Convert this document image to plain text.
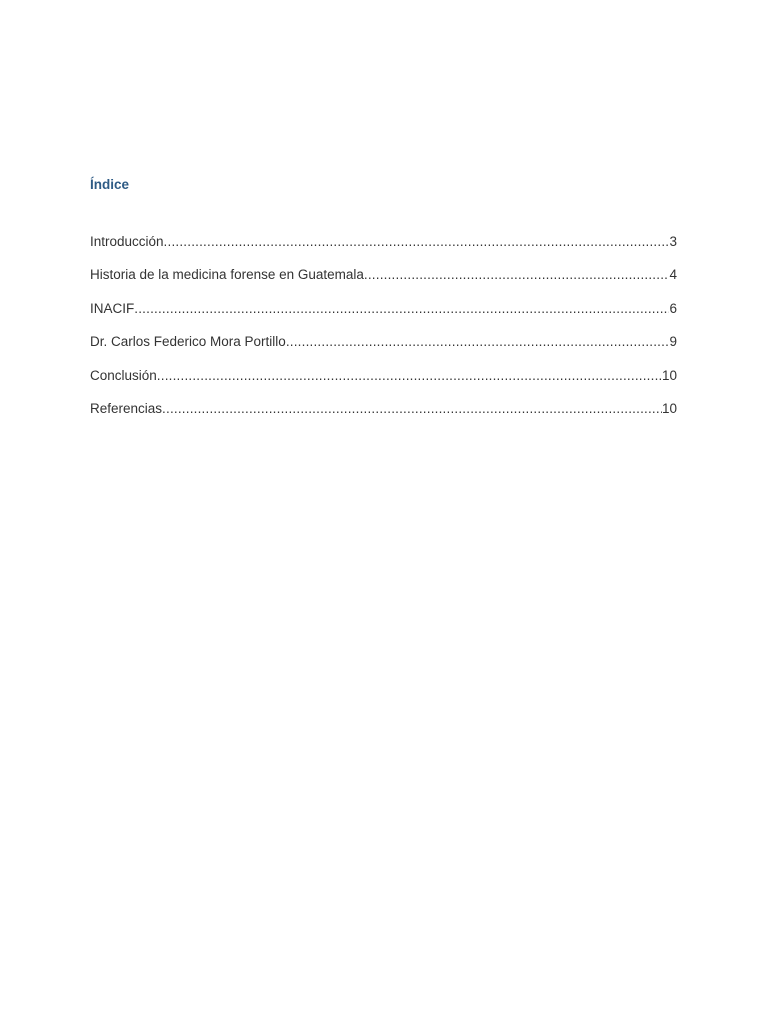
Índice
Introducción .....	3
Historia de la medicina forense en Guatemala .....	4
INACIF .....	6
Dr. Carlos Federico Mora Portillo .....	9
Conclusión .....	10
Referencias .....	10
